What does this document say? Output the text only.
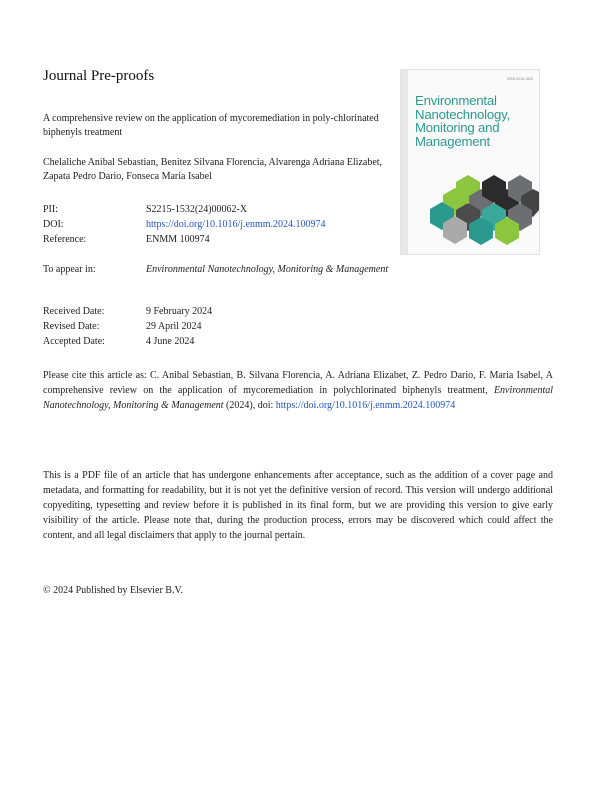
Journal Pre-proofs
A comprehensive review on the application of mycoremediation in poly-chlorinated biphenyls treatment
Chelaliche Anibal Sebastian, Benitez Silvana Florencia, Alvarenga Adriana Elizabet, Zapata Pedro Dario, Fonseca Maria Isabel
PII:	S2215-1532(24)00062-X
DOI:	https://doi.org/10.1016/j.enmm.2024.100974
Reference:	ENMM 100974
To appear in:	Environmental Nanotechnology, Monitoring & Management
Received Date:	9 February 2024
Revised Date:	29 April 2024
Accepted Date:	4 June 2024
Please cite this article as: C. Anibal Sebastian, B. Silvana Florencia, A. Adriana Elizabet, Z. Pedro Dario, F. Maria Isabel, A comprehensive review on the application of mycoremediation in polychlorinated biphenyls treatment, Environmental Nanotechnology, Monitoring & Management (2024), doi: https://doi.org/10.1016/j.enmm.2024.100974
This is a PDF file of an article that has undergone enhancements after acceptance, such as the addition of a cover page and metadata, and formatting for readability, but it is not yet the definitive version of record. This version will undergo additional copyediting, typesetting and review before it is published in its final form, but we are providing this version to give early visibility of the article. Please note that, during the production process, errors may be discovered which could affect the content, and all legal disclaimers that apply to the journal pertain.
© 2024 Published by Elsevier B.V.
ISSN 2215-1532
Environmental Nanotechnology, Monitoring and Management
